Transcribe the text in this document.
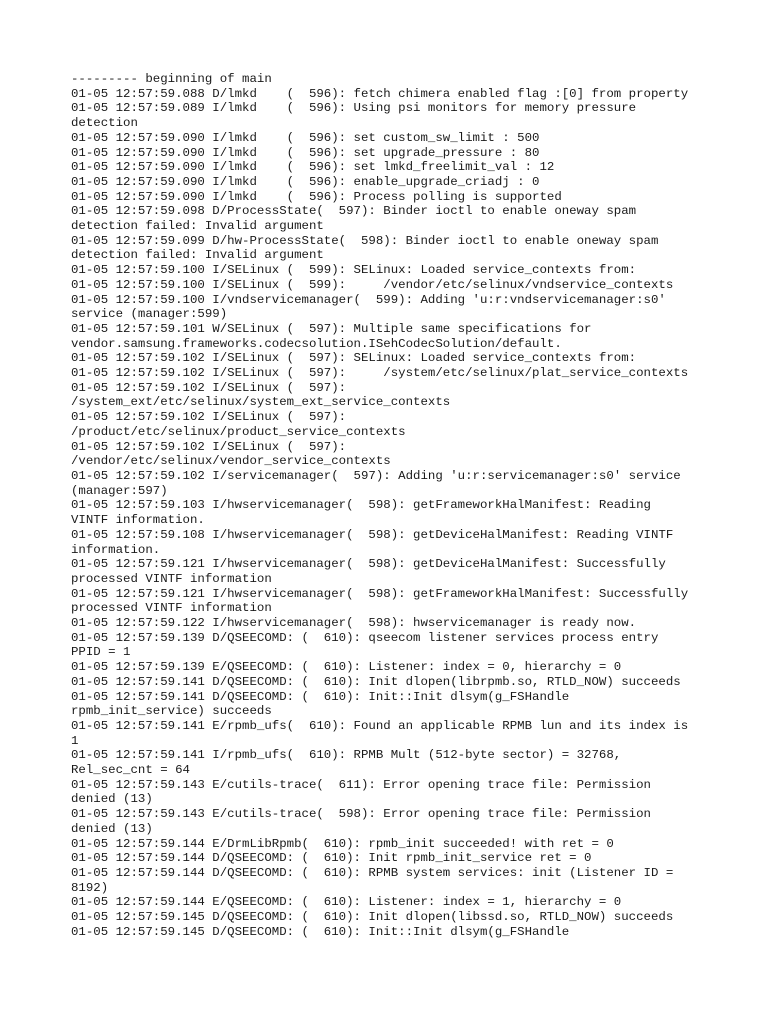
--------- beginning of main
01-05 12:57:59.088 D/lmkd    (  596): fetch chimera enabled flag :[0] from property
01-05 12:57:59.089 I/lmkd    (  596): Using psi monitors for memory pressure
detection
01-05 12:57:59.090 I/lmkd    (  596): set custom_sw_limit : 500
01-05 12:57:59.090 I/lmkd    (  596): set upgrade_pressure : 80
01-05 12:57:59.090 I/lmkd    (  596): set lmkd_freelimit_val : 12
01-05 12:57:59.090 I/lmkd    (  596): enable_upgrade_criadj : 0
01-05 12:57:59.090 I/lmkd    (  596): Process polling is supported
01-05 12:57:59.098 D/ProcessState(  597): Binder ioctl to enable oneway spam
detection failed: Invalid argument
01-05 12:57:59.099 D/hw-ProcessState(  598): Binder ioctl to enable oneway spam
detection failed: Invalid argument
01-05 12:57:59.100 I/SELinux (  599): SELinux: Loaded service_contexts from:
01-05 12:57:59.100 I/SELinux (  599):     /vendor/etc/selinux/vndservice_contexts
01-05 12:57:59.100 I/vndservicemanager(  599): Adding 'u:r:vndservicemanager:s0'
service (manager:599)
01-05 12:57:59.101 W/SELinux (  597): Multiple same specifications for
vendor.samsung.frameworks.codecsolution.ISehCodecSolution/default.
01-05 12:57:59.102 I/SELinux (  597): SELinux: Loaded service_contexts from:
01-05 12:57:59.102 I/SELinux (  597):     /system/etc/selinux/plat_service_contexts
01-05 12:57:59.102 I/SELinux (  597):
/system_ext/etc/selinux/system_ext_service_contexts
01-05 12:57:59.102 I/SELinux (  597):
/product/etc/selinux/product_service_contexts
01-05 12:57:59.102 I/SELinux (  597):
/vendor/etc/selinux/vendor_service_contexts
01-05 12:57:59.102 I/servicemanager(  597): Adding 'u:r:servicemanager:s0' service
(manager:597)
01-05 12:57:59.103 I/hwservicemanager(  598): getFrameworkHalManifest: Reading
VINTF information.
01-05 12:57:59.108 I/hwservicemanager(  598): getDeviceHalManifest: Reading VINTF
information.
01-05 12:57:59.121 I/hwservicemanager(  598): getDeviceHalManifest: Successfully
processed VINTF information
01-05 12:57:59.121 I/hwservicemanager(  598): getFrameworkHalManifest: Successfully
processed VINTF information
01-05 12:57:59.122 I/hwservicemanager(  598): hwservicemanager is ready now.
01-05 12:57:59.139 D/QSEECOMD: (  610): qseecom listener services process entry
PPID = 1
01-05 12:57:59.139 E/QSEECOMD: (  610): Listener: index = 0, hierarchy = 0
01-05 12:57:59.141 D/QSEECOMD: (  610): Init dlopen(librpmb.so, RTLD_NOW) succeeds
01-05 12:57:59.141 D/QSEECOMD: (  610): Init::Init dlsym(g_FSHandle
rpmb_init_service) succeeds
01-05 12:57:59.141 E/rpmb_ufs(  610): Found an applicable RPMB lun and its index is
1
01-05 12:57:59.141 I/rpmb_ufs(  610): RPMB Mult (512-byte sector) = 32768,
Rel_sec_cnt = 64
01-05 12:57:59.143 E/cutils-trace(  611): Error opening trace file: Permission
denied (13)
01-05 12:57:59.143 E/cutils-trace(  598): Error opening trace file: Permission
denied (13)
01-05 12:57:59.144 E/DrmLibRpmb(  610): rpmb_init succeeded! with ret = 0
01-05 12:57:59.144 D/QSEECOMD: (  610): Init rpmb_init_service ret = 0
01-05 12:57:59.144 D/QSEECOMD: (  610): RPMB system services: init (Listener ID =
8192)
01-05 12:57:59.144 E/QSEECOMD: (  610): Listener: index = 1, hierarchy = 0
01-05 12:57:59.145 D/QSEECOMD: (  610): Init dlopen(libssd.so, RTLD_NOW) succeeds
01-05 12:57:59.145 D/QSEECOMD: (  610): Init::Init dlsym(g_FSHandle
